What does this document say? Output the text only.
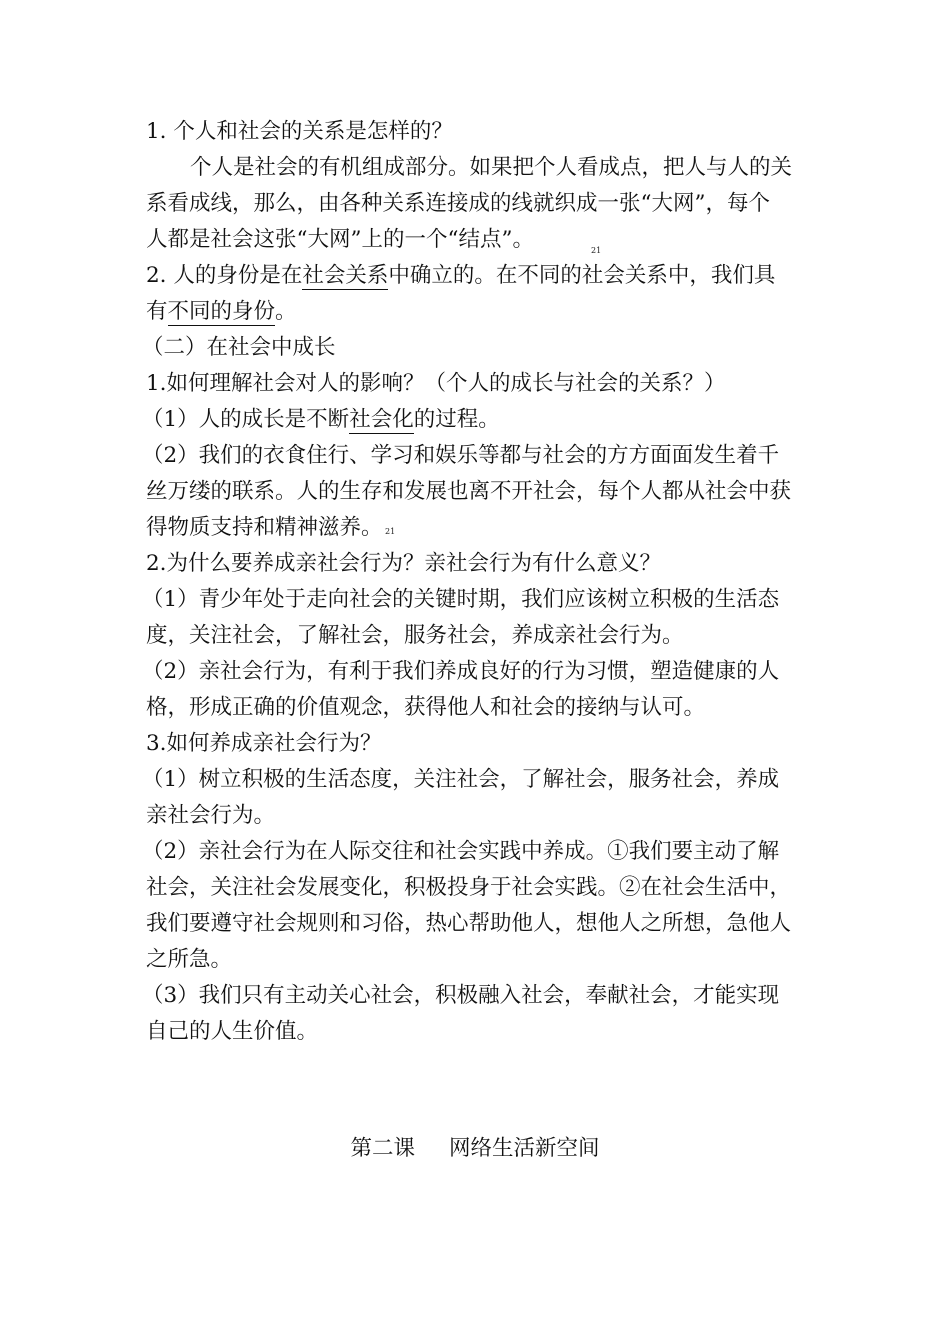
1. 个人和社会的关系是怎样的？
个人是社会的有机组成部分。如果把个人看成点，把人与人的关
系看成线，那么，由各种关系连接成的线就织成一张“大网”，每个
人都是社会这张“大网”上的一个“结点”。	21
2. 人的身份是在社会关系中确立的。在不同的社会关系中，我们具
有不同的身份。
（二）在社会中成长
1.如何理解社会对人的影响？（个人的成长与社会的关系？）
（1）人的成长是不断社会化的过程。
（2）我们的衣食住行、学习和娱乐等都与社会的方方面面发生着千
丝万缕的联系。人的生存和发展也离不开社会，每个人都从社会中获
得物质支持和精神滋养。 21
2.为什么要养成亲社会行为？亲社会行为有什么意义？
（1）青少年处于走向社会的关键时期，我们应该树立积极的生活态
度，关注社会，了解社会，服务社会，养成亲社会行为。
（2）亲社会行为，有利于我们养成良好的行为习惯，塑造健康的人
格，形成正确的价值观念，获得他人和社会的接纳与认可。
3.如何养成亲社会行为？
（1）树立积极的生活态度，关注社会，了解社会，服务社会，养成
亲社会行为。
（2）亲社会行为在人际交往和社会实践中养成。①我们要主动了解
社会，关注社会发展变化，积极投身于社会实践。②在社会生活中，
我们要遵守社会规则和习俗，热心帮助他人，想他人之所想，急他人
之所急。
（3）我们只有主动关心社会，积极融入社会，奉献社会，才能实现
自己的人生价值。
第二课 网络生活新空间
